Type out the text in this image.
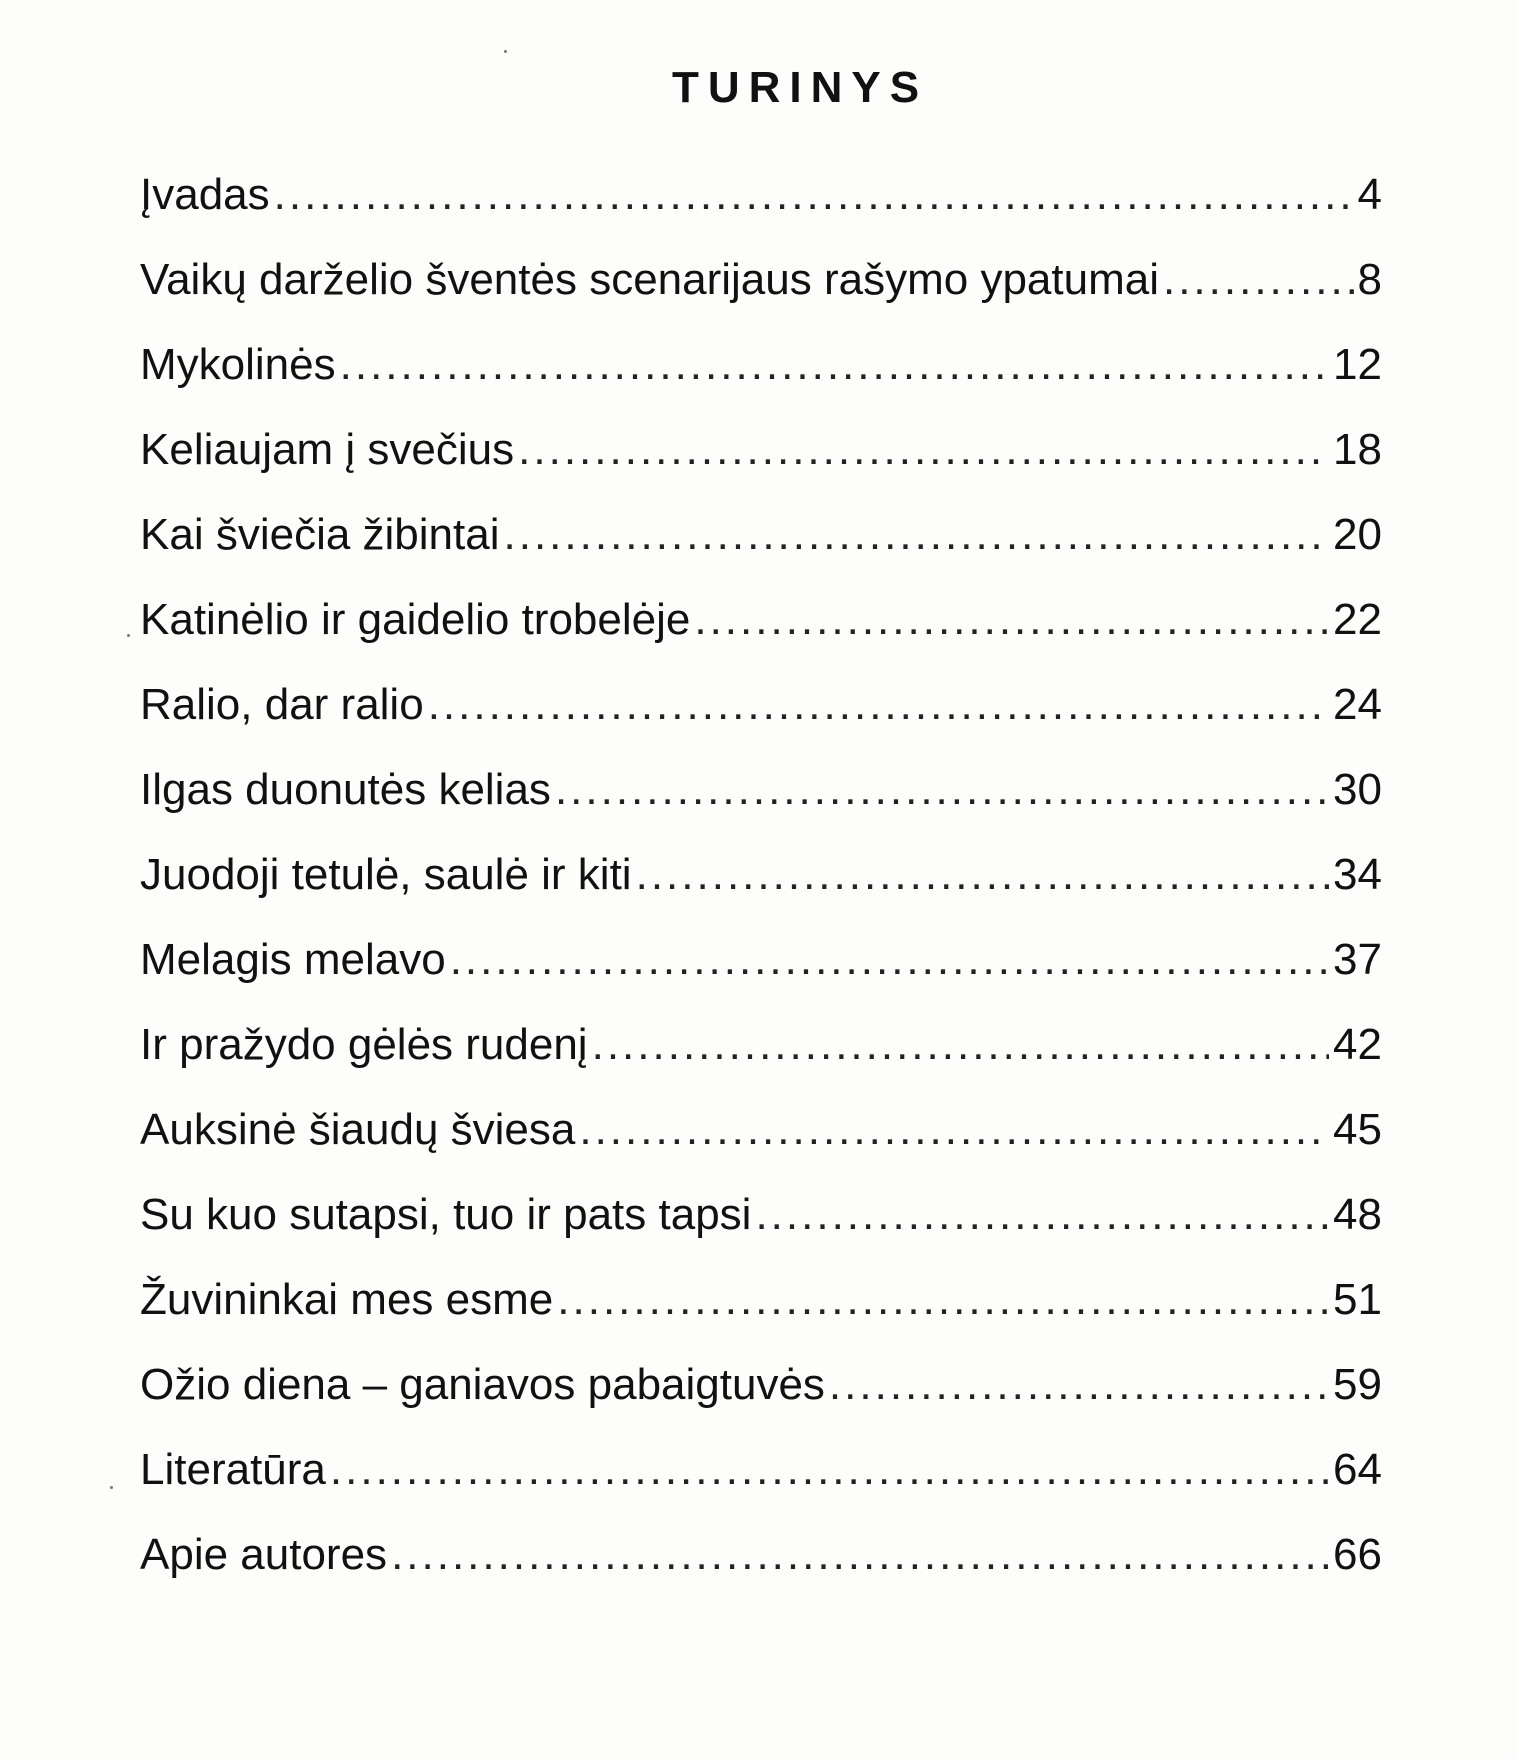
TURINYS
Įvadas .....	4
Vaikų darželio šventės scenarijaus rašymo ypatumai .....	8
Mykolinės .....	12
Keliaujam į svečius .....	18
Kai šviečia žibintai .....	20
Katinėlio ir gaidelio trobelėje .....	22
Ralio, dar ralio .....	24
Ilgas duonutės kelias .....	30
Juodoji tetulė, saulė ir kiti .....	34
Melagis melavo .....	37
Ir pražydo gėlės rudenį .....	42
Auksinė šiaudų šviesa .....	45
Su kuo sutapsi, tuo ir pats tapsi .....	48
Žuvininkai mes esme .....	51
Ožio diena – ganiavos pabaigtuvės .....	59
Literatūra .....	64
Apie autores .....	66
